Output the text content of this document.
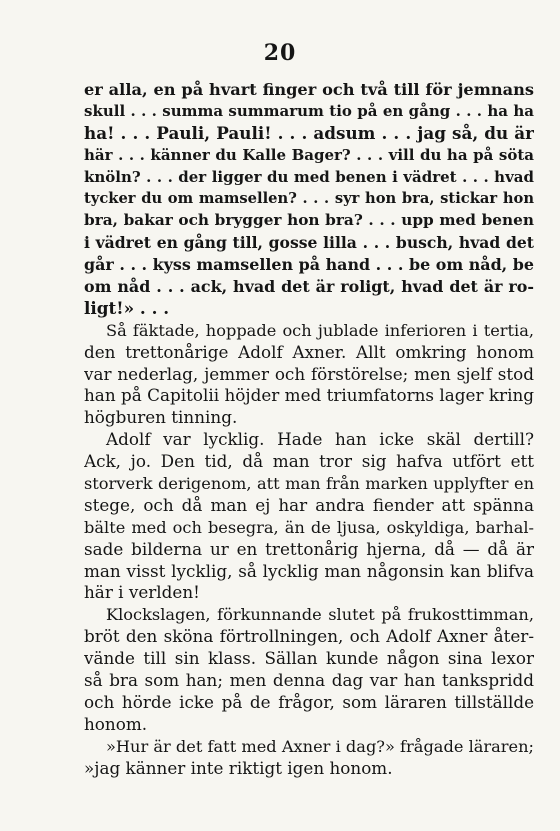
20
er alla, en på hvart finger och två till för jemnans
skull . . . summa summarum tio på en gång . . . ha ha
ha! . . . Pauli, Pauli! . . . adsum . . . jag så, du är
här . . . känner du Kalle Bager? . . . vill du ha på söta
knöln? . . . der ligger du med benen i vädret . . . hvad
tycker du om mamsellen? . . . syr hon bra, stickar hon
bra, bakar och brygger hon bra? . . . upp med benen
i vädret en gång till, gosse lilla . . . busch, hvad det
går . . . kyss mamsellen på hand . . . be om nåd, be
om nåd . . . ack, hvad det är roligt, hvad det är ro-
ligt!» . . .
Så fäktade, hoppade och jublade inferioren i tertia,
den trettonårige Adolf Axner. Allt omkring honom
var nederlag, jemmer och förstörelse; men sjelf stod
han på Capitolii höjder med triumfatorns lager kring
högburen tinning.
Adolf var lycklig. Hade han icke skäl dertill?
Ack, jo. Den tid, då man tror sig hafva utfört ett
storverk derigenom, att man från marken upplyfter en
stege, och då man ej har andra fiender att spänna
bälte med och besegra, än de ljusa, oskyldiga, barhal-
sade bilderna ur en trettonårig hjerna, då — då är
man visst lycklig, så lycklig man någonsin kan blifva
här i verlden!
Klockslagen, förkunnande slutet på frukosttimman,
bröt den sköna förtrollningen, och Adolf Axner åter-
vände till sin klass. Sällan kunde någon sina lexor
så bra som han; men denna dag var han tankspridd
och hörde icke på de frågor, som läraren tillställde
honom.
»Hur är det fatt med Axner i dag?» frågade läraren;
»jag känner inte riktigt igen honom.
